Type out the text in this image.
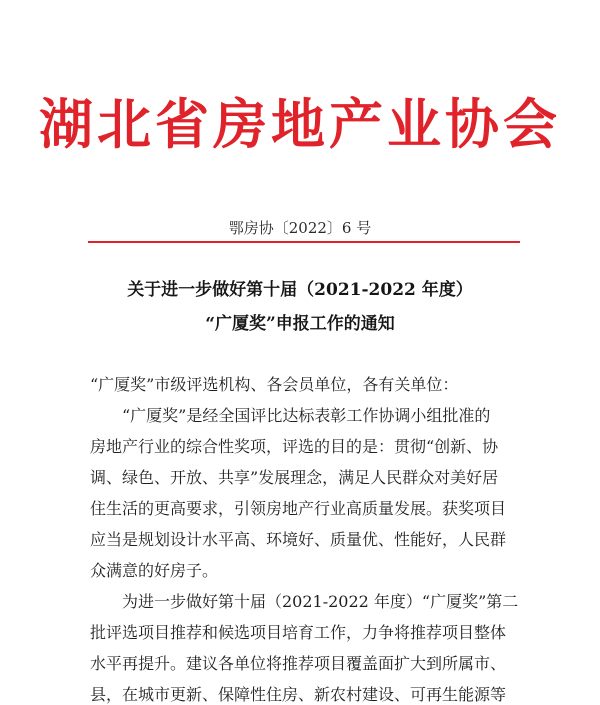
湖北省房地产业协会
鄂房协〔2022〕6 号
关于进一步做好第十届（2021-2022 年度）
“广厦奖”申报工作的通知
“广厦奖”市级评选机构、各会员单位，各有关单位：
“广厦奖”是经全国评比达标表彰工作协调小组批准的
房地产行业的综合性奖项，评选的目的是：贯彻“创新、协
调、绿色、开放、共享”发展理念，满足人民群众对美好居
住生活的更高要求，引领房地产行业高质量发展。获奖项目
应当是规划设计水平高、环境好、质量优、性能好，人民群
众满意的好房子。
为进一步做好第十届（2021-2022 年度）“广厦奖”第二
批评选项目推荐和候选项目培育工作，力争将推荐项目整体
水平再提升。建议各单位将推荐项目覆盖面扩大到所属市、
县，在城市更新、保障性住房、新农村建设、可再生能源等
